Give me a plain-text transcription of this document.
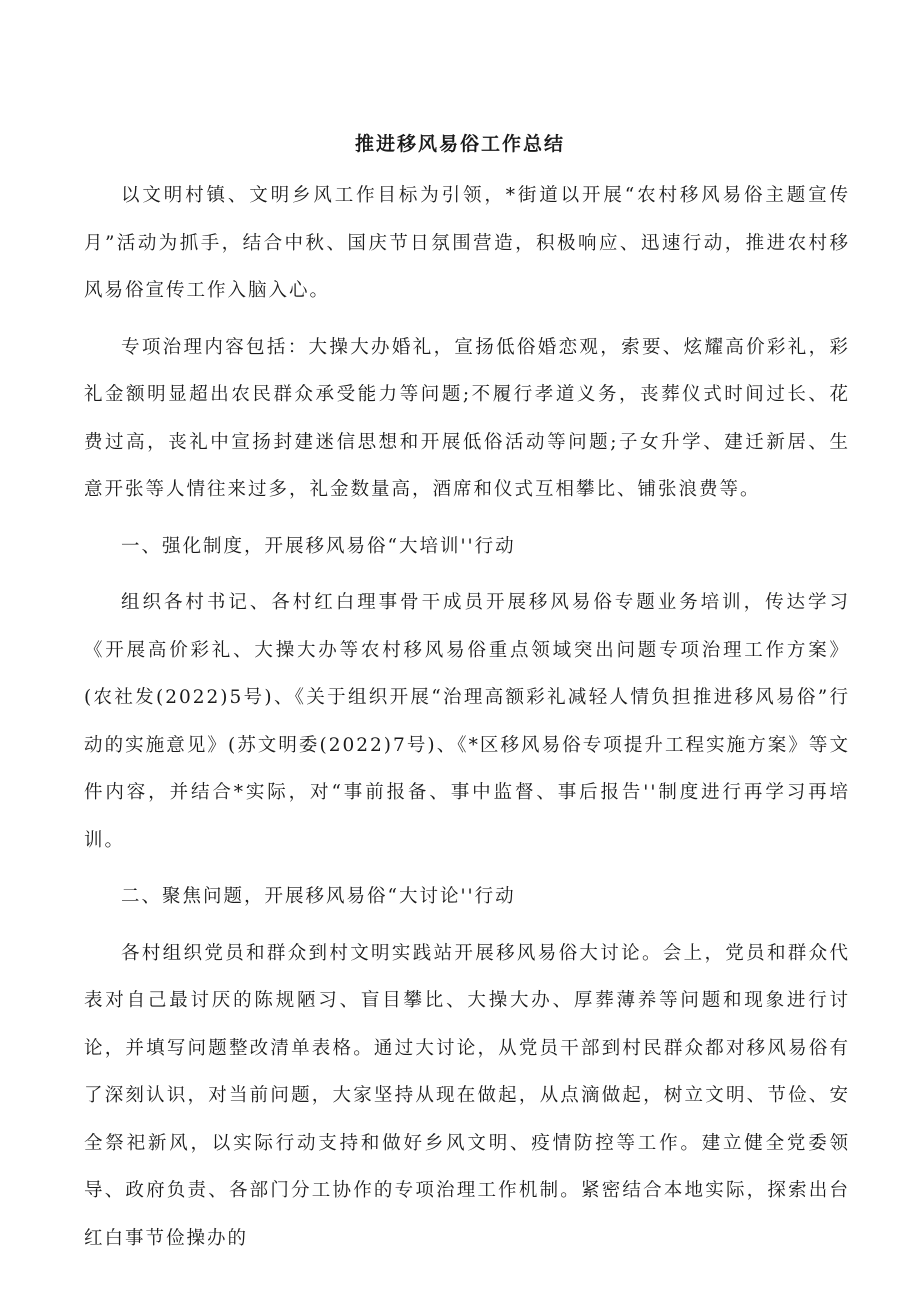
推进移风易俗工作总结

以文明村镇、文明乡风工作目标为引领，*街道以开展“农村移风易俗主题宣传月”活动为抓手，结合中秋、国庆节日氛围营造，积极响应、迅速行动，推进农村移风易俗宣传工作入脑入心。

专项治理内容包括：大操大办婚礼，宣扬低俗婚恋观，索要、炫耀高价彩礼，彩礼金额明显超出农民群众承受能力等问题;不履行孝道义务，丧葬仪式时间过长、花费过高，丧礼中宣扬封建迷信思想和开展低俗活动等问题;子女升学、建迁新居、生意开张等人情往来过多，礼金数量高，酒席和仪式互相攀比、铺张浪费等。

一、强化制度，开展移风易俗“大培训''行动

组织各村书记、各村红白理事骨干成员开展移风易俗专题业务培训，传达学习《开展高价彩礼、大操大办等农村移风易俗重点领域突出问题专项治理工作方案》(农社发(2022)5号)、《关于组织开展“治理高额彩礼减轻人情负担推进移风易俗”行动的实施意见》(苏文明委(2022)7号)、《*区移风易俗专项提升工程实施方案》等文件内容，并结合*实际，对“事前报备、事中监督、事后报告''制度进行再学习再培训。

二、聚焦问题，开展移风易俗“大讨论''行动

各村组织党员和群众到村文明实践站开展移风易俗大讨论。会上，党员和群众代表对自己最讨厌的陈规陋习、盲目攀比、大操大办、厚葬薄养等问题和现象进行讨论，并填写问题整改清单表格。通过大讨论，从党员干部到村民群众都对移风易俗有了深刻认识，对当前问题，大家坚持从现在做起，从点滴做起，树立文明、节俭、安全祭祀新风，以实际行动支持和做好乡风文明、疫情防控等工作。建立健全党委领导、政府负责、各部门分工协作的专项治理工作机制。紧密结合本地实际，探索出台红白事节俭操办的
